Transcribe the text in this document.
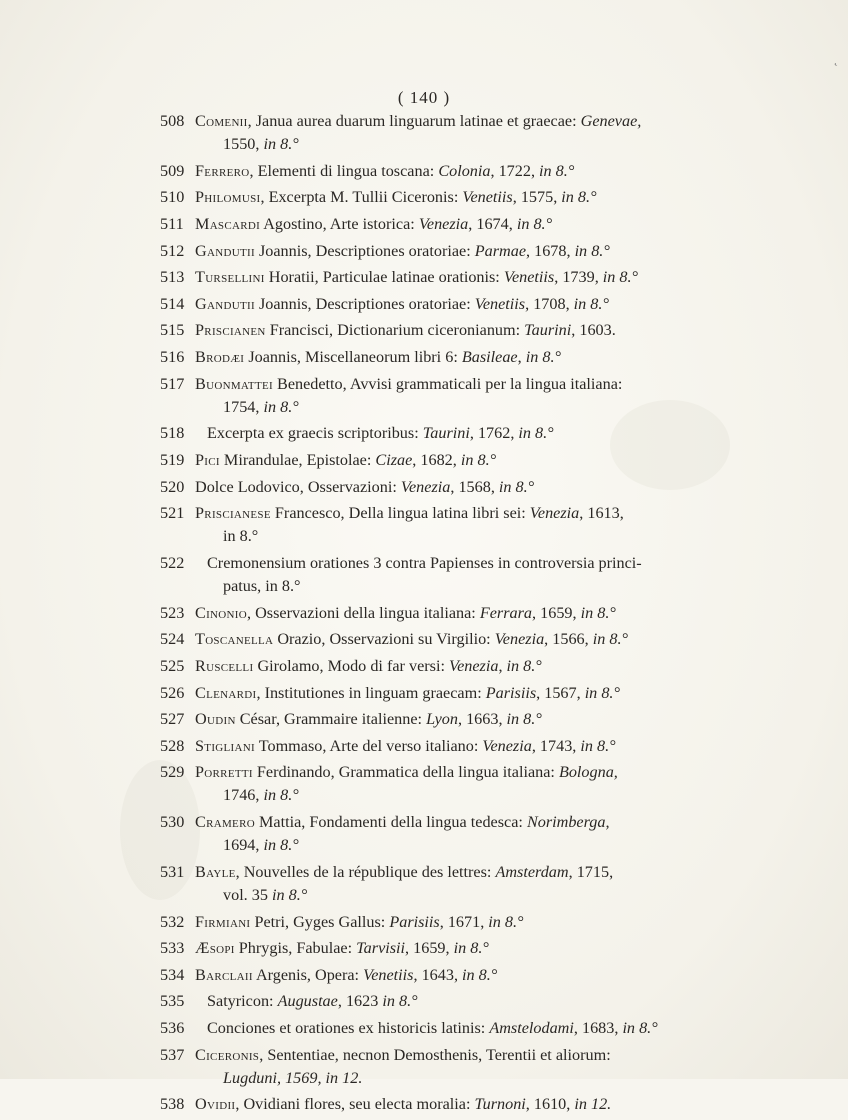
˛
( 140 )
508 Comenii, Janua aurea duarum linguarum latinae et graecae: Genevae,
1550, in 8.°
509 Ferrero, Elementi di lingua toscana: Colonia, 1722, in 8.°
510 Philomusi, Excerpta M. Tullii Ciceronis: Venetiis, 1575, in 8.°
511 Mascardi Agostino, Arte istorica: Venezia, 1674, in 8.°
512 Gandutii Joannis, Descriptiones oratoriae: Parmae, 1678, in 8.°
513 Tursellini Horatii, Particulae latinae orationis: Venetiis, 1739, in 8.°
514 Gandutii Joannis, Descriptiones oratoriae: Venetiis, 1708, in 8.°
515 Priscianen Francisci, Dictionarium ciceronianum: Taurini, 1603.
516 Brodæi Joannis, Miscellaneorum libri 6: Basileae, in 8.°
517 Buonmattei Benedetto, Avvisi grammaticali per la lingua italiana:
1754, in 8.°
518	Excerpta ex graecis scriptoribus: Taurini, 1762, in 8.°
519 Pici Mirandulae, Epistolae: Cizae, 1682, in 8.°
520 Dolce Lodovico, Osservazioni: Venezia, 1568, in 8.°
521 Priscianese Francesco, Della lingua latina libri sei: Venezia, 1613,
in 8.°
522	Cremonensium orationes 3 contra Papienses in controversia princi-
patus, in 8.°
523 Cinonio, Osservazioni della lingua italiana: Ferrara, 1659, in 8.°
524 Toscanella Orazio, Osservazioni su Virgilio: Venezia, 1566, in 8.°
525 Ruscelli Girolamo, Modo di far versi: Venezia, in 8.°
526 Clenardi, Institutiones in linguam graecam: Parisiis, 1567, in 8.°
527 Oudin César, Grammaire italienne: Lyon, 1663, in 8.°
528 Stigliani Tommaso, Arte del verso italiano: Venezia, 1743, in 8.°
529 Porretti Ferdinando, Grammatica della lingua italiana: Bologna,
1746, in 8.°
530 Cramero Mattia, Fondamenti della lingua tedesca: Norimberga,
1694, in 8.°
531 Bayle, Nouvelles de la république des lettres: Amsterdam, 1715,
vol. 35 in 8.°
532 Firmiani Petri, Gyges Gallus: Parisiis, 1671, in 8.°
533 Æsopi Phrygis, Fabulae: Tarvisii, 1659, in 8.°
534 Barclaii Argenis, Opera: Venetiis, 1643, in 8.°
535	Satyricon: Augustae, 1623 in 8.°
536	Conciones et orationes ex historicis latinis: Amstelodami, 1683, in 8.°
537 Ciceronis, Sententiae, necnon Demosthenis, Terentii et aliorum:
Lugduni, 1569, in 12.
538 Ovidii, Ovidiani flores, seu electa moralia: Turnoni, 1610, in 12.
